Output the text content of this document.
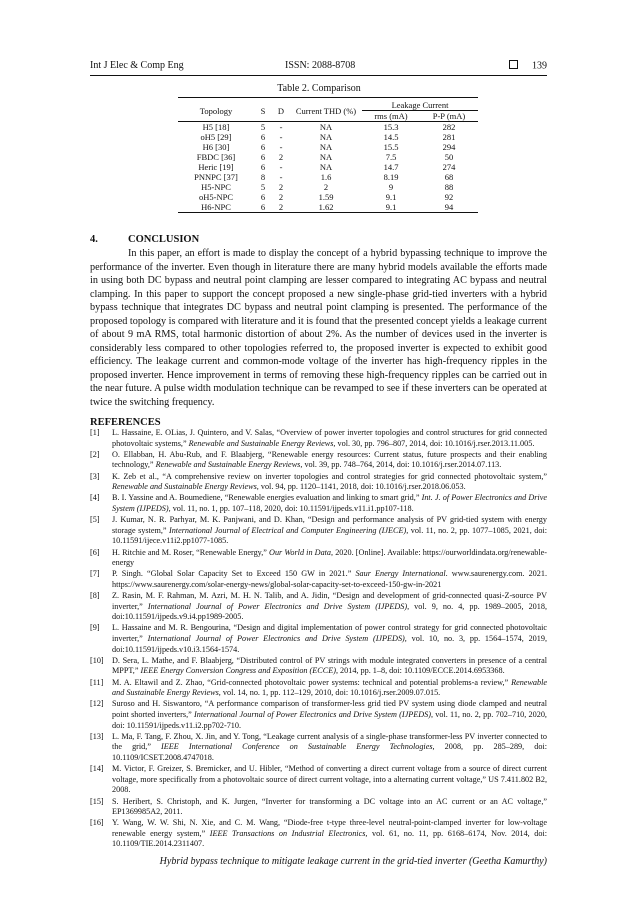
Int J Elec & Comp Eng	ISSN: 2088-8708	139
Table 2. Comparison
Topology	S	D	Current THD (%)	Leakage Current	
				rms (mA)	P-P (mA)
H5 [18]	5	-	NA	15.3	282
oH5 [29]	6	-	NA	14.5	281
H6 [30]	6	-	NA	15.5	294
FBDC [36]	6	2	NA	7.5	50
Heric [19]	6	-	NA	14.7	274
PNNPC [37]	8	-	1.6	8.19	68
H5-NPC	5	2	2	9	88
oH5-NPC	6	2	1.59	9.1	92
H6-NPC	6	2	1.62	9.1	94
4.	CONCLUSION
In this paper, an effort is made to display the concept of a hybrid bypassing technique to improve the performance of the inverter. Even though in literature there are many hybrid models available the efforts made in using both DC bypass and neutral point clamping are lesser compared to integrating AC bypass and neutral clamping. In this paper to support the concept proposed a new single-phase grid-tied inverters with a hybrid bypass technique that integrates DC bypass and neutral point clamping is presented. The performance of the proposed topology is compared with literature and it is found that the presented concept yields a leakage current of about 9 mA RMS, total harmonic distortion of about 2%. As the number of devices used in the inverter is considerably less compared to other topologies referred to, the proposed inverter is expected to exhibit good efficiency. The leakage current and common-mode voltage of the inverter has high-frequency ripples in the proposed inverter. Hence improvement in terms of removing these high-frequency ripples can be carried out in the near future. A pulse width modulation technique can be revamped to see if these inverters can be operated at twice the switching frequency.
REFERENCES
[1] L. Hassaine, E. OLias, J. Quintero, and V. Salas, “Overview of power inverter topologies and control structures for grid connected photovoltaic systems,” Renewable and Sustainable Energy Reviews, vol. 30, pp. 796–807, 2014, doi: 10.1016/j.rser.2013.11.005.
[2] O. Ellabban, H. Abu-Rub, and F. Blaabjerg, “Renewable energy resources: Current status, future prospects and their enabling technology,” Renewable and Sustainable Energy Reviews, vol. 39, pp. 748–764, 2014, doi: 10.1016/j.rser.2014.07.113.
[3] K. Zeb et al., “A comprehensive review on inverter topologies and control strategies for grid connected photovoltaic system,” Renewable and Sustainable Energy Reviews, vol. 94, pp. 1120–1141, 2018, doi: 10.1016/j.rser.2018.06.053.
[4] B. I. Yassine and A. Boumediene, “Renewable energies evaluation and linking to smart grid,” Int. J. of Power Electronics and Drive System (IJPEDS), vol. 11, no. 1, pp. 107–118, 2020, doi: 10.11591/ijpeds.v11.i1.pp107-118.
[5] J. Kumar, N. R. Parhyar, M. K. Panjwani, and D. Khan, “Design and performance analysis of PV grid-tied system with energy storage system,” International Journal of Electrical and Computer Engineering (IJECE), vol. 11, no. 2, pp. 1077–1085, 2021, doi: 10.11591/ijece.v11i2.pp1077-1085.
[6] H. Ritchie and M. Roser, “Renewable Energy,” Our World in Data, 2020. [Online]. Available: https://ourworldindata.org/renewable-energy
[7] P. Singh. “Global Solar Capacity Set to Exceed 150 GW in 2021.” Saur Energy International. www.saurenergy.com. 2021. https://www.saurenergy.com/solar-energy-news/global-solar-capacity-set-to-exceed-150-gw-in-2021
[8] Z. Rasin, M. F. Rahman, M. Azri, M. H. N. Talib, and A. Jidin, “Design and development of grid-connected quasi-Z-source PV inverter,” International Journal of Power Electronics and Drive System (IJPEDS), vol. 9, no. 4, pp. 1989–2005, 2018, doi:10.11591/ijpeds.v9.i4.pp1989-2005.
[9] L. Hassaine and M. R. Bengourina, “Design and digital implementation of power control strategy for grid connected photovoltaic inverter,” International Journal of Power Electronics and Drive System (IJPEDS), vol. 10, no. 3, pp. 1564–1574, 2019, doi:10.11591/ijpeds.v10.i3.1564-1574.
[10] D. Sera, L. Mathe, and F. Blaabjerg, “Distributed control of PV strings with module integrated converters in presence of a central MPPT,” IEEE Energy Conversion Congress and Exposition (ECCE), 2014, pp. 1–8, doi: 10.1109/ECCE.2014.6953368.
[11] M. A. Eltawil and Z. Zhao, “Grid-connected photovoltaic power systems: technical and potential problems-a review,” Renewable and Sustainable Energy Reviews, vol. 14, no. 1, pp. 112–129, 2010, doi: 10.1016/j.rser.2009.07.015.
[12] Suroso and H. Siswantoro, “A performance comparison of transformer-less grid tied PV system using diode clamped and neutral point shorted inverters,” International Journal of Power Electronics and Drive System (IJPEDS), vol. 11, no. 2, pp. 702–710, 2020, doi: 10.11591/ijpeds.v11.i2.pp702-710.
[13] L. Ma, F. Tang, F. Zhou, X. Jin, and Y. Tong, “Leakage current analysis of a single-phase transformer-less PV inverter connected to the grid,” IEEE International Conference on Sustainable Energy Technologies, 2008, pp. 285–289, doi: 10.1109/ICSET.2008.4747018.
[14] M. Victor, F. Greizer, S. Bremicker, and U. Hibler, “Method of converting a direct current voltage from a source of direct current voltage, more specifically from a photovoltaic source of direct current voltage, into a alternating current voltage,” US 7.411.802 B2, 2008.
[15] S. Heribert, S. Christoph, and K. Jurgen, “Inverter for transforming a DC voltage into an AC current or an AC voltage,” EP1369985A2, 2011.
[16] Y. Wang, W. W. Shi, N. Xie, and C. M. Wang, “Diode-free t-type three-level neutral-point-clamped inverter for low-voltage renewable energy system,” IEEE Transactions on Industrial Electronics, vol. 61, no. 11, pp. 6168–6174, Nov. 2014, doi: 10.1109/TIE.2014.2311407.
Hybrid bypass technique to mitigate leakage current in the grid-tied inverter (Geetha Kamurthy)
